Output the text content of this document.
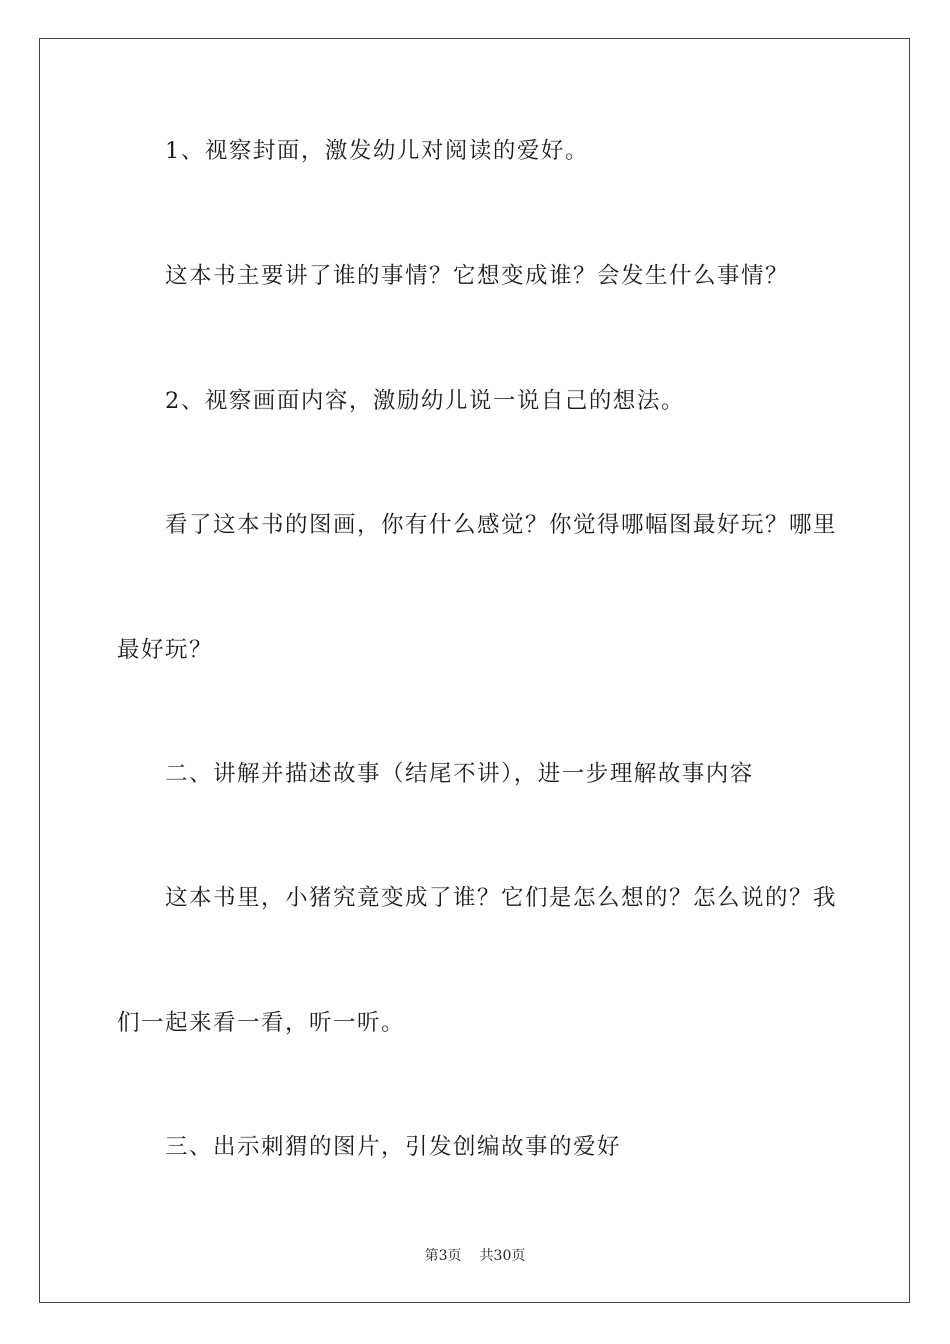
1、视察封面，激发幼儿对阅读的爱好。

这本书主要讲了谁的事情？它想变成谁？会发生什么事情？

2、视察画面内容，激励幼儿说一说自己的想法。

看了这本书的图画，你有什么感觉？你觉得哪幅图最好玩？哪里

最好玩？

二、讲解并描述故事（结尾不讲），进一步理解故事内容

这本书里，小猪究竟变成了谁？它们是怎么想的？怎么说的？我

们一起来看一看，听一听。

三、出示刺猬的图片，引发创编故事的爱好

第3页 共30页
